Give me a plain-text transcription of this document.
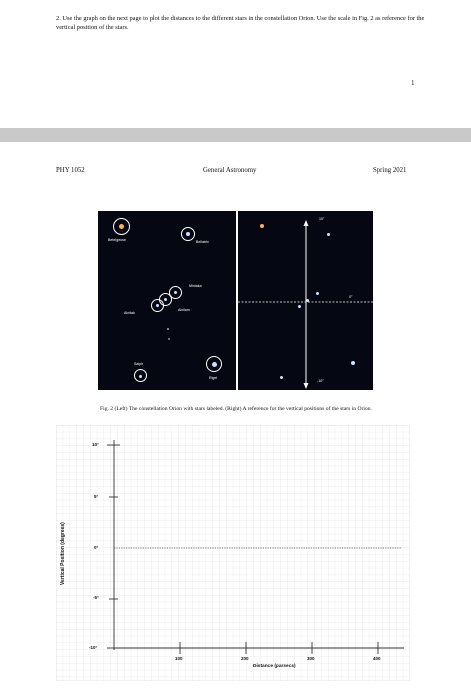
2. Use the graph on the next page to plot the distances to the different stars in the constellation Orion. Use the scale in Fig. 2 as reference for the vertical position of the stars.
1
PHY 1052	General Astronomy	Spring 2021
Betelgeuse	Bellatrix
Mintaka
Alnilam
Alnitak
Saiph
Rigel
10°
0°
-10°
Fig. 2 (Left) The constellation Orion with stars labeled. (Right) A reference for the vertical positions of the stars in Orion.
Vertical Position (degrees)
10°
5°
0°
-5°
-10°
100	200	300	400
Distance (parsecs)
